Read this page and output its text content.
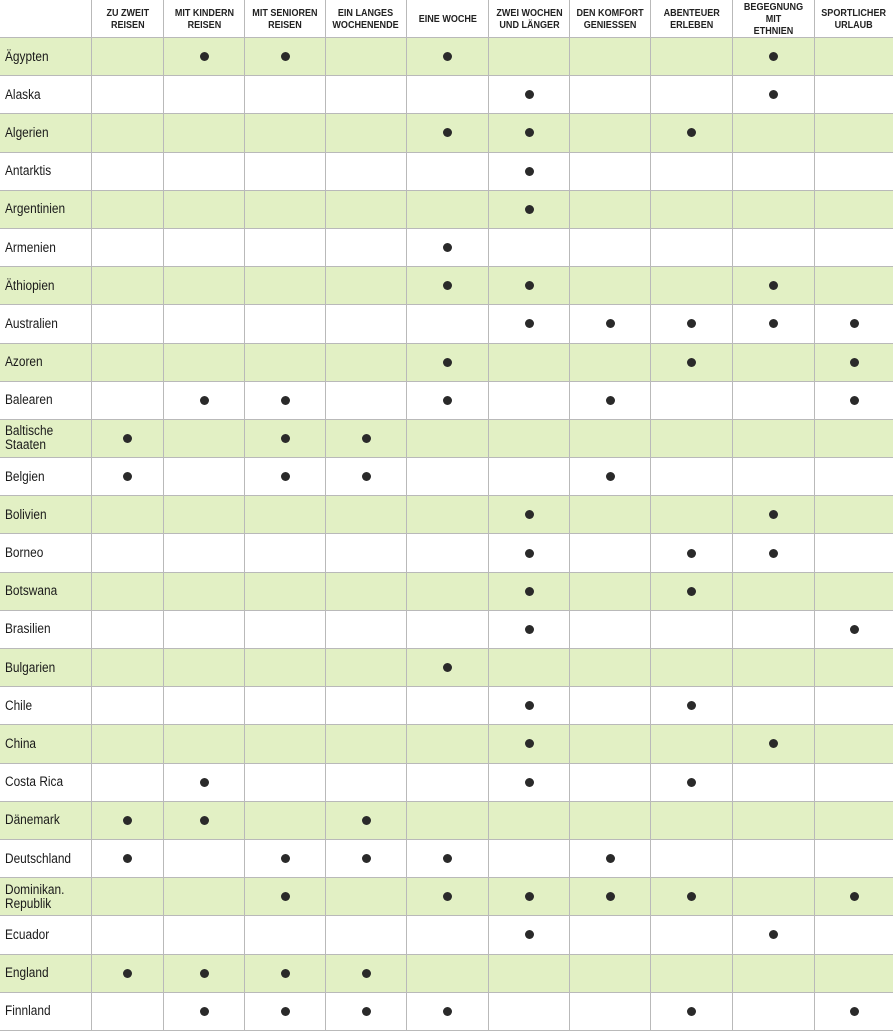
ZU ZWEIT
REISEN
MIT KINDERN
REISEN
MIT SENIOREN
REISEN
EIN LANGES
WOCHENENDE EINE WOCHE ZWEI WOCHEN
UND LÄNGER
DEN KOMFORT
GENIESSEN
ABENTEUER
ERLEBEN
BEGEGNUNG MIT
ETHNIEN
SPORTLICHER
URLAUB
Ägypten
Alaska
Algerien
Antarktis
Argentinien
Armenien
Äthiopien
Australien
Azoren
Balearen
Baltische
Staaten
Belgien
Bolivien
Borneo
Botswana
Brasilien
Bulgarien
Chile
China
Costa Rica
Dänemark
Deutschland
Dominikan.
Republik
Ecuador
England
Finnland
